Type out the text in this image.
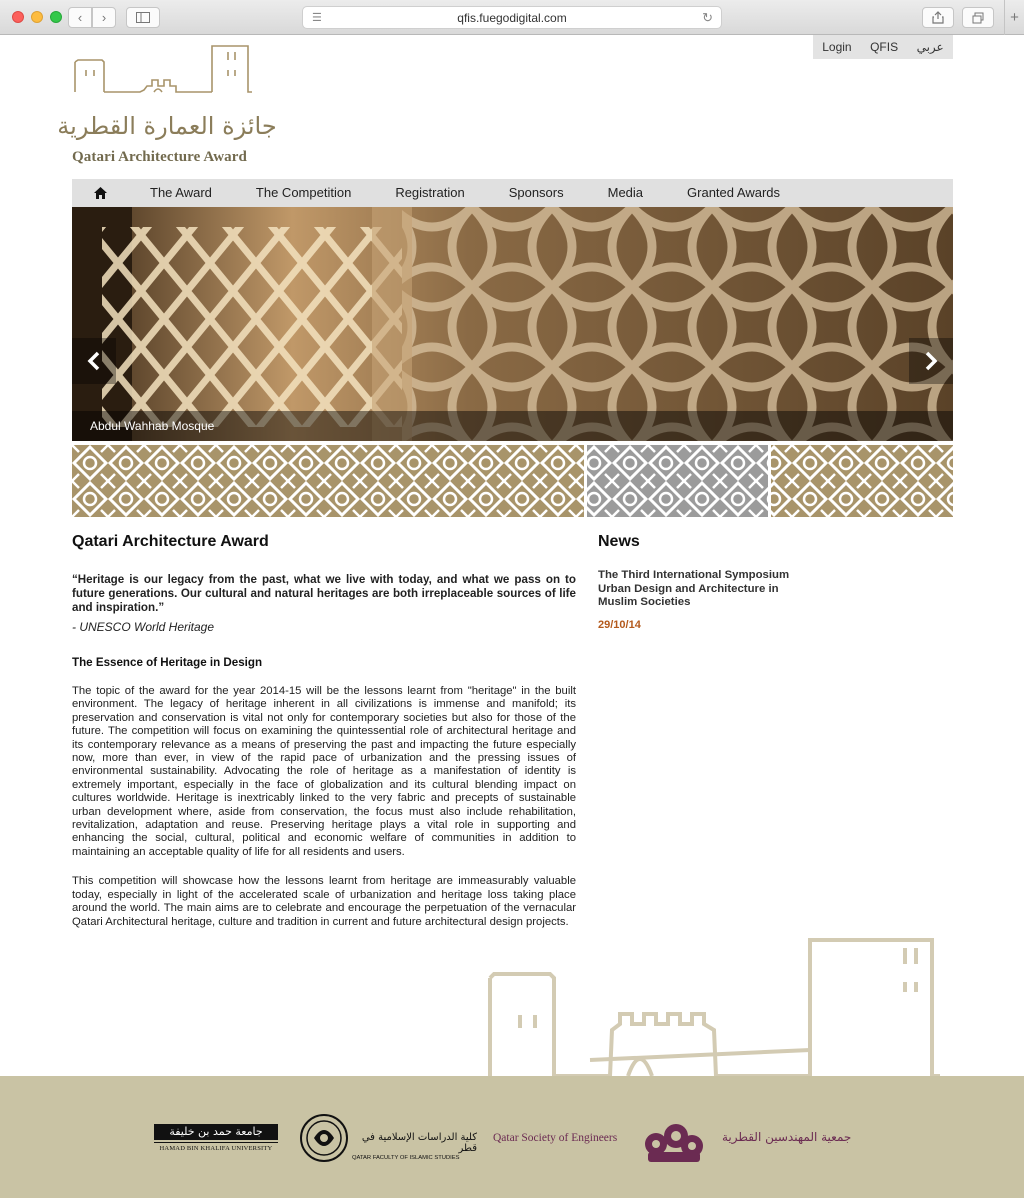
‹ ›	☰	qfis.fuegodigital.com	↻	+
Login QFIS عربي
جائزة العمارة القطرية
Qatari Architecture Award
The Award	The Competition	Registration	Sponsors	Media	Granted Awards
Abdul Wahhab Mosque
Qatari Architecture Award
“Heritage is our legacy from the past, what we live with today, and what we pass on to future generations. Our cultural and natural heritages are both irreplaceable sources of life and inspiration.”
- UNESCO World Heritage
The Essence of Heritage in Design
The topic of the award for the year 2014-15 will be the lessons learnt from "heritage" in the built environment. The legacy of heritage inherent in all civilizations is immense and manifold; its preservation and conservation is vital not only for contemporary societies but also for those of the future. The competition will focus on examining the quintessential role of architectural heritage and its contemporary relevance as a means of preserving the past and impacting the future especially now, more than ever, in view of the rapid pace of urbanization and the pressing issues of environmental sustainability. Advocating the role of heritage as a manifestation of identity is extremely important, especially in the face of globalization and its cultural blending impact on cultures worldwide. Heritage is inextricably linked to the very fabric and precepts of sustainable urban development where, aside from conservation, the focus must also include rehabilitation, revitalization, adaptation and reuse. Preserving heritage plays a vital role in supporting and enhancing the social, cultural, political and economic welfare of communities in addition to maintaining an acceptable quality of life for all residents and users.
This competition will showcase how the lessons learnt from heritage are immeasurably valuable today, especially in light of the accelerated scale of urbanization and heritage loss taking place around the world. The main aims are to celebrate and encourage the perpetuation of the vernacular Qatari Architectural heritage, culture and tradition in current and future architectural design projects.
News
The Third International Symposium Urban Design and Architecture in Muslim Societies
29/10/14
جامعة حمد بن خليفة
HAMAD BIN KHALIFA UNIVERSITY
كلية الدراسات الإسلامية في قطر
QATAR FACULTY OF ISLAMIC STUDIES
Qatar Society of Engineers	جمعية المهندسين القطرية
